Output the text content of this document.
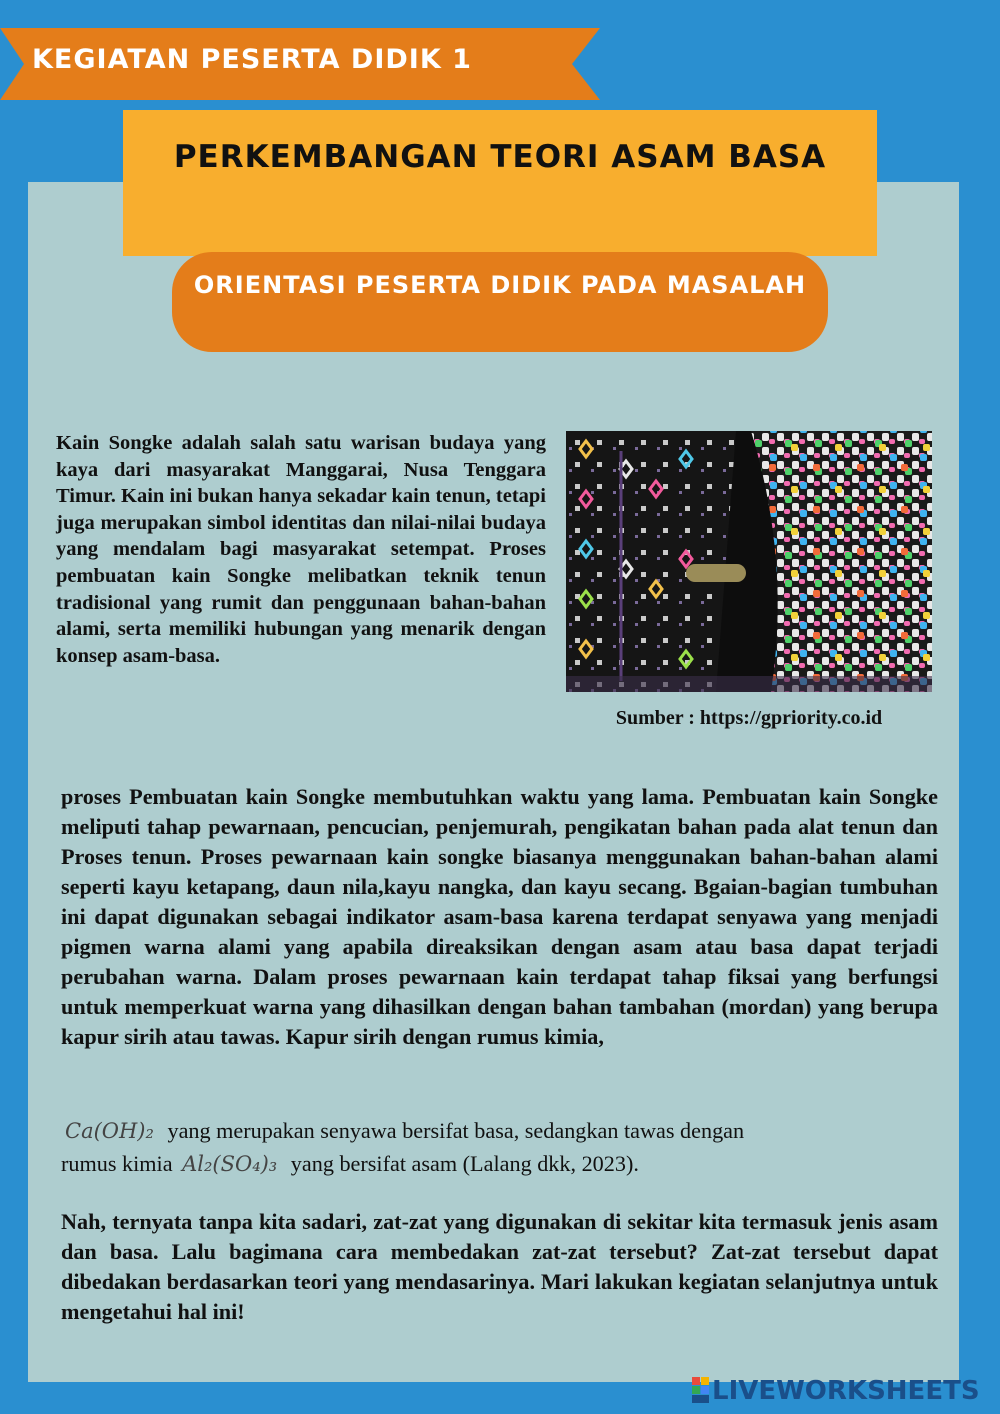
KEGIATAN PESERTA DIDIK 1
PERKEMBANGAN TEORI ASAM BASA
ORIENTASI PESERTA DIDIK PADA MASALAH

Kain Songke adalah salah satu warisan budaya yang kaya dari masyarakat Manggarai, Nusa Tenggara Timur. Kain ini bukan hanya sekadar kain tenun, tetapi juga merupakan simbol identitas dan nilai-nilai budaya yang mendalam bagi masyarakat setempat. Proses pembuatan kain Songke melibatkan teknik tenun tradisional yang rumit dan penggunaan bahan-bahan alami, serta memiliki hubungan yang menarik dengan konsep asam-basa.

Sumber : https://gpriority.co.id

proses Pembuatan kain Songke membutuhkan waktu yang lama. Pembuatan kain Songke meliputi tahap pewarnaan, pencucian, penjemurah, pengikatan bahan pada alat tenun dan Proses tenun. Proses pewarnaan kain songke biasanya menggunakan bahan-bahan alami seperti kayu ketapang, daun nila,kayu nangka, dan kayu secang. Bgaian-bagian tumbuhan ini dapat digunakan sebagai indikator asam-basa karena terdapat senyawa yang menjadi pigmen warna alami yang apabila direaksikan dengan asam atau basa dapat terjadi perubahan warna. Dalam proses pewarnaan kain terdapat tahap fiksai yang berfungsi untuk memperkuat warna yang dihasilkan dengan bahan tambahan (mordan) yang berupa kapur sirih atau tawas. Kapur sirih dengan rumus kimia,

Ca(OH)₂ yang merupakan senyawa bersifat basa, sedangkan tawas dengan
rumus kimia Al₂(SO₄)₃ yang bersifat asam (Lalang dkk, 2023).

Nah, ternyata tanpa kita sadari, zat-zat yang digunakan di sekitar kita termasuk jenis asam dan basa. Lalu bagimana cara membedakan zat-zat tersebut? Zat-zat tersebut dapat dibedakan berdasarkan teori yang mendasarinya. Mari lakukan kegiatan selanjutnya untuk mengetahui hal ini!

LIVEWORKSHEETS
